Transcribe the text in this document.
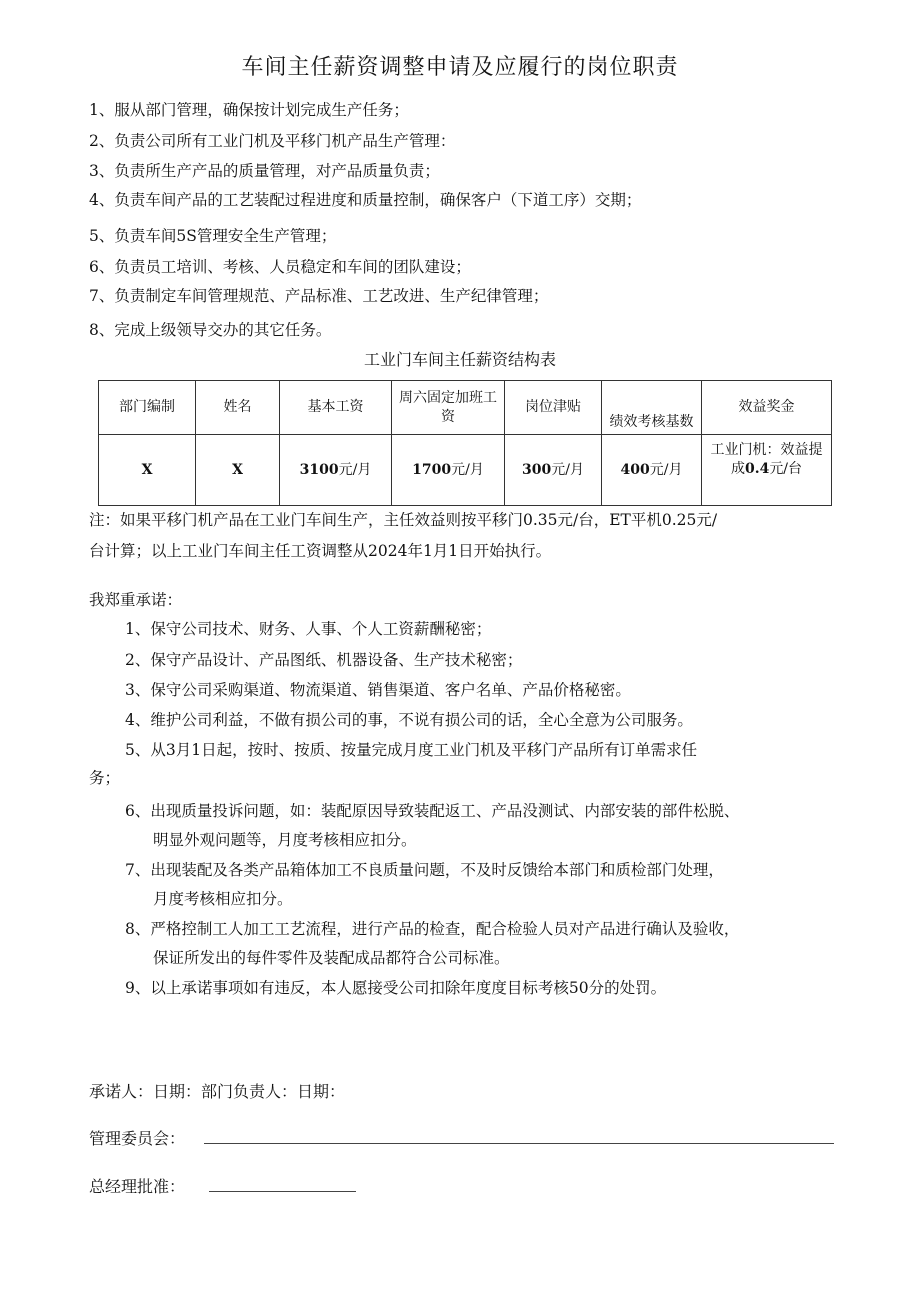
车间主任薪资调整申请及应履行的岗位职责
1、服从部门管理，确保按计划完成生产任务；
2、负责公司所有工业门机及平移门机产品生产管理：
3、负责所生产产品的质量管理，对产品质量负责；
4、负责车间产品的工艺装配过程进度和质量控制，确保客户（下道工序）交期；
5、负责车间5S管理安全生产管理；
6、负责员工培训、考核、人员稳定和车间的团队建设；
7、负责制定车间管理规范、产品标准、工艺改进、生产纪律管理；
8、完成上级领导交办的其它任务。
工业门车间主任薪资结构表
部门编制	姓名	基本工资	周六固定加班工资	岗位津贴	绩效考核基数	效益奖金
X	X	3100元/月	1700元/月	300元/月	400元/月	工业门机：效益提成0.4元/台
注：如果平移门机产品在工业门车间生产，主任效益则按平移门0.35元/台，ET平机0.25元/
台计算；以上工业门车间主任工资调整从2024年1月1日开始执行。
我郑重承诺：
1、保守公司技术、财务、人事、个人工资薪酬秘密；
2、保守产品设计、产品图纸、机器设备、生产技术秘密；
3、保守公司采购渠道、物流渠道、销售渠道、客户名单、产品价格秘密。
4、维护公司利益，不做有损公司的事，不说有损公司的话，全心全意为公司服务。
5、从3月1日起，按时、按质、按量完成月度工业门机及平移门产品所有订单需求任
务；
6、出现质量投诉问题，如：装配原因导致装配返工、产品没测试、内部安装的部件松脱、
明显外观问题等，月度考核相应扣分。
7、出现装配及各类产品箱体加工不良质量问题，不及时反馈给本部门和质检部门处理，
月度考核相应扣分。
8、严格控制工人加工工艺流程，进行产品的检查，配合检验人员对产品进行确认及验收，
保证所发出的每件零件及装配成品都符合公司标准。
9、以上承诺事项如有违反，本人愿接受公司扣除年度度目标考核50分的处罚。
承诺人：日期：部门负责人：日期：
管理委员会：
总经理批准：
